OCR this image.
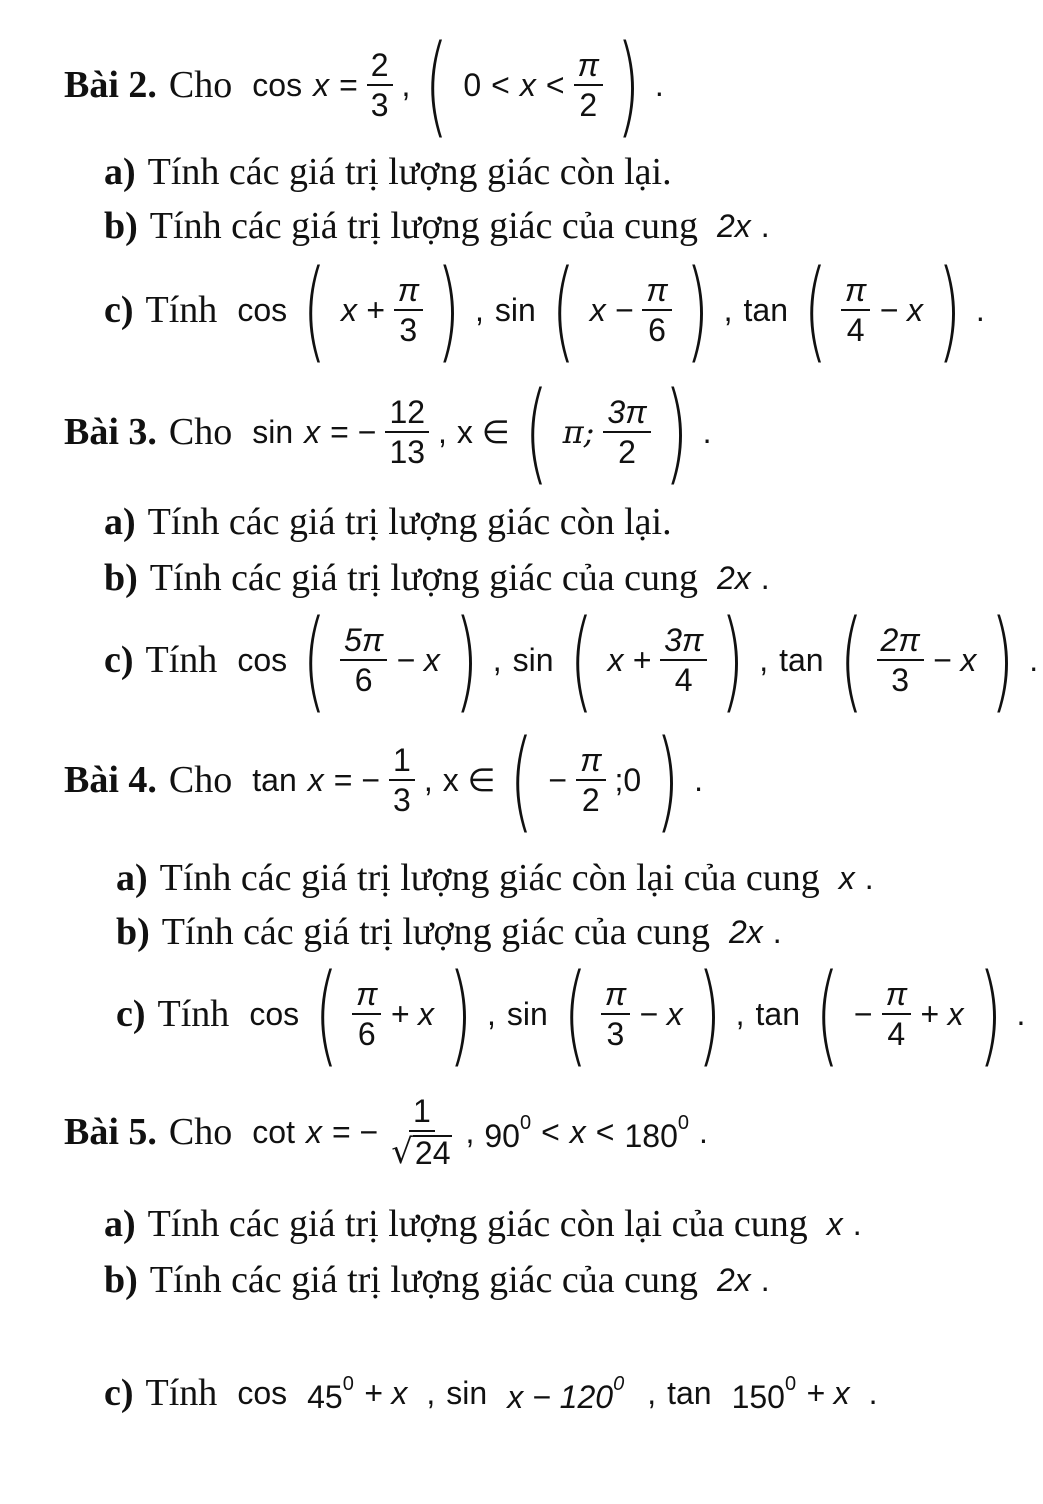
Bài 2. Cho $\cos x = \frac{2}{3}$ , ( $0 < x < \frac{\pi}{2}$ ) .
a) Tính các giá trị lượng giác còn lại.
b) Tính các giá trị lượng giác của cung 2x .
c) Tính cos ( $x + \frac{\pi}{3}$ ) , sin ( $x - \frac{\pi}{6}$ ) , tan ( $\frac{\pi}{4} - x$ ) .
Bài 3. Cho sin x = − $\frac{12}{13}$ , x ∈ ( π; $\frac{3\pi}{2}$ ) .
a) Tính các giá trị lượng giác còn lại.
b) Tính các giá trị lượng giác của cung 2x .
c) Tính cos ( $\frac{5\pi}{6} - x$ ) , sin ( $x + \frac{3\pi}{4}$ ) , tan ( $\frac{2\pi}{3} - x$ ) .
Bài 4. Cho tan x = − $\frac{1}{3}$ , x ∈ ( − $\frac{\pi}{2}$ ;0 ) .
a) Tính các giá trị lượng giác còn lại của cung x .
b) Tính các giá trị lượng giác của cung 2x .
c) Tính cos ( $\frac{\pi}{6} + x$ ) , sin ( $\frac{\pi}{3} - x$ ) , tan ( − $\frac{\pi}{4} + x$ ) .
Bài 5. Cho cot x = − $\frac{1}{√ 24}$ , $90^0 < x < 180^0$ .
a) Tính các giá trị lượng giác còn lại của cung x .
b) Tính các giá trị lượng giác của cung 2x .
c) Tính $\cos 45^0 + x$ , $\sin x - 120^0$ , $\tan 150^0 + x$ .
